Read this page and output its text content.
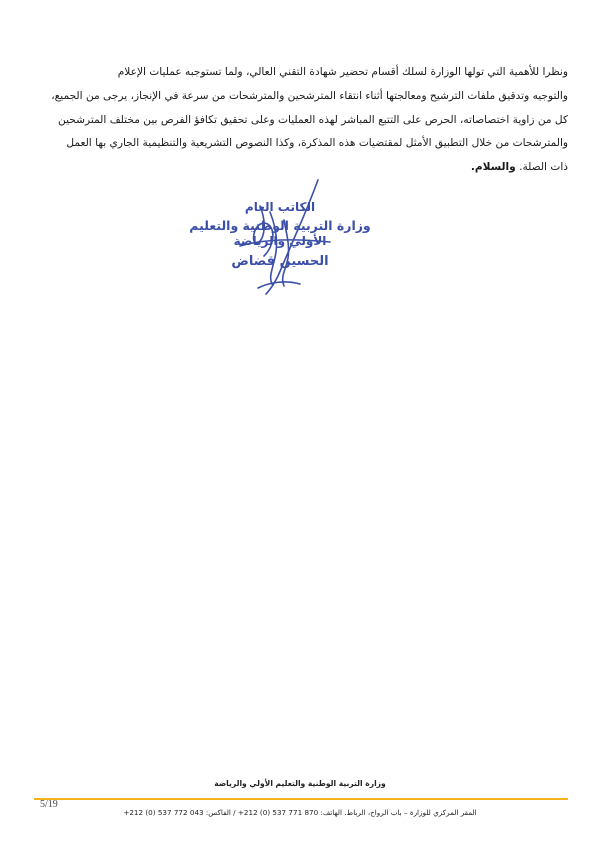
ونظرا للأهمية التي تولها الوزارة لسلك أقسام تحضير شهادة التقني العالي، ولما تستوجبه عمليات الإعلام

والتوجيه وتدقيق ملفات الترشيح ومعالجتها أثناء انتقاء المترشحين والمترشحات من سرعة في الإنجاز، يرجى من الجميع،

كل من زاوية اختصاصاته، الحرص على التتبع المباشر لهذه العمليات وعلى تحقيق تكافؤ الفرص بين مختلف المترشحين

والمترشحات من خلال التطبيق الأمثل لمقتضيات هذه المذكرة، وكذا النصوص التشريعية والتنظيمية الجاري بها العمل

ذات الصلة. والسلام.

الكاتب العام
وزارة التربية الوطنية والتعليم
الأولي والرياضة
الحسين قضاض
وزارة التربية الوطنية والتعليم الأولي والرياضة
5/19
المقر المركزي للوزارة – باب الرواح، الرباط. الهاتف: 870 771 537 (0) 212+ / الفاكس: 043 772 537 (0) 212+
